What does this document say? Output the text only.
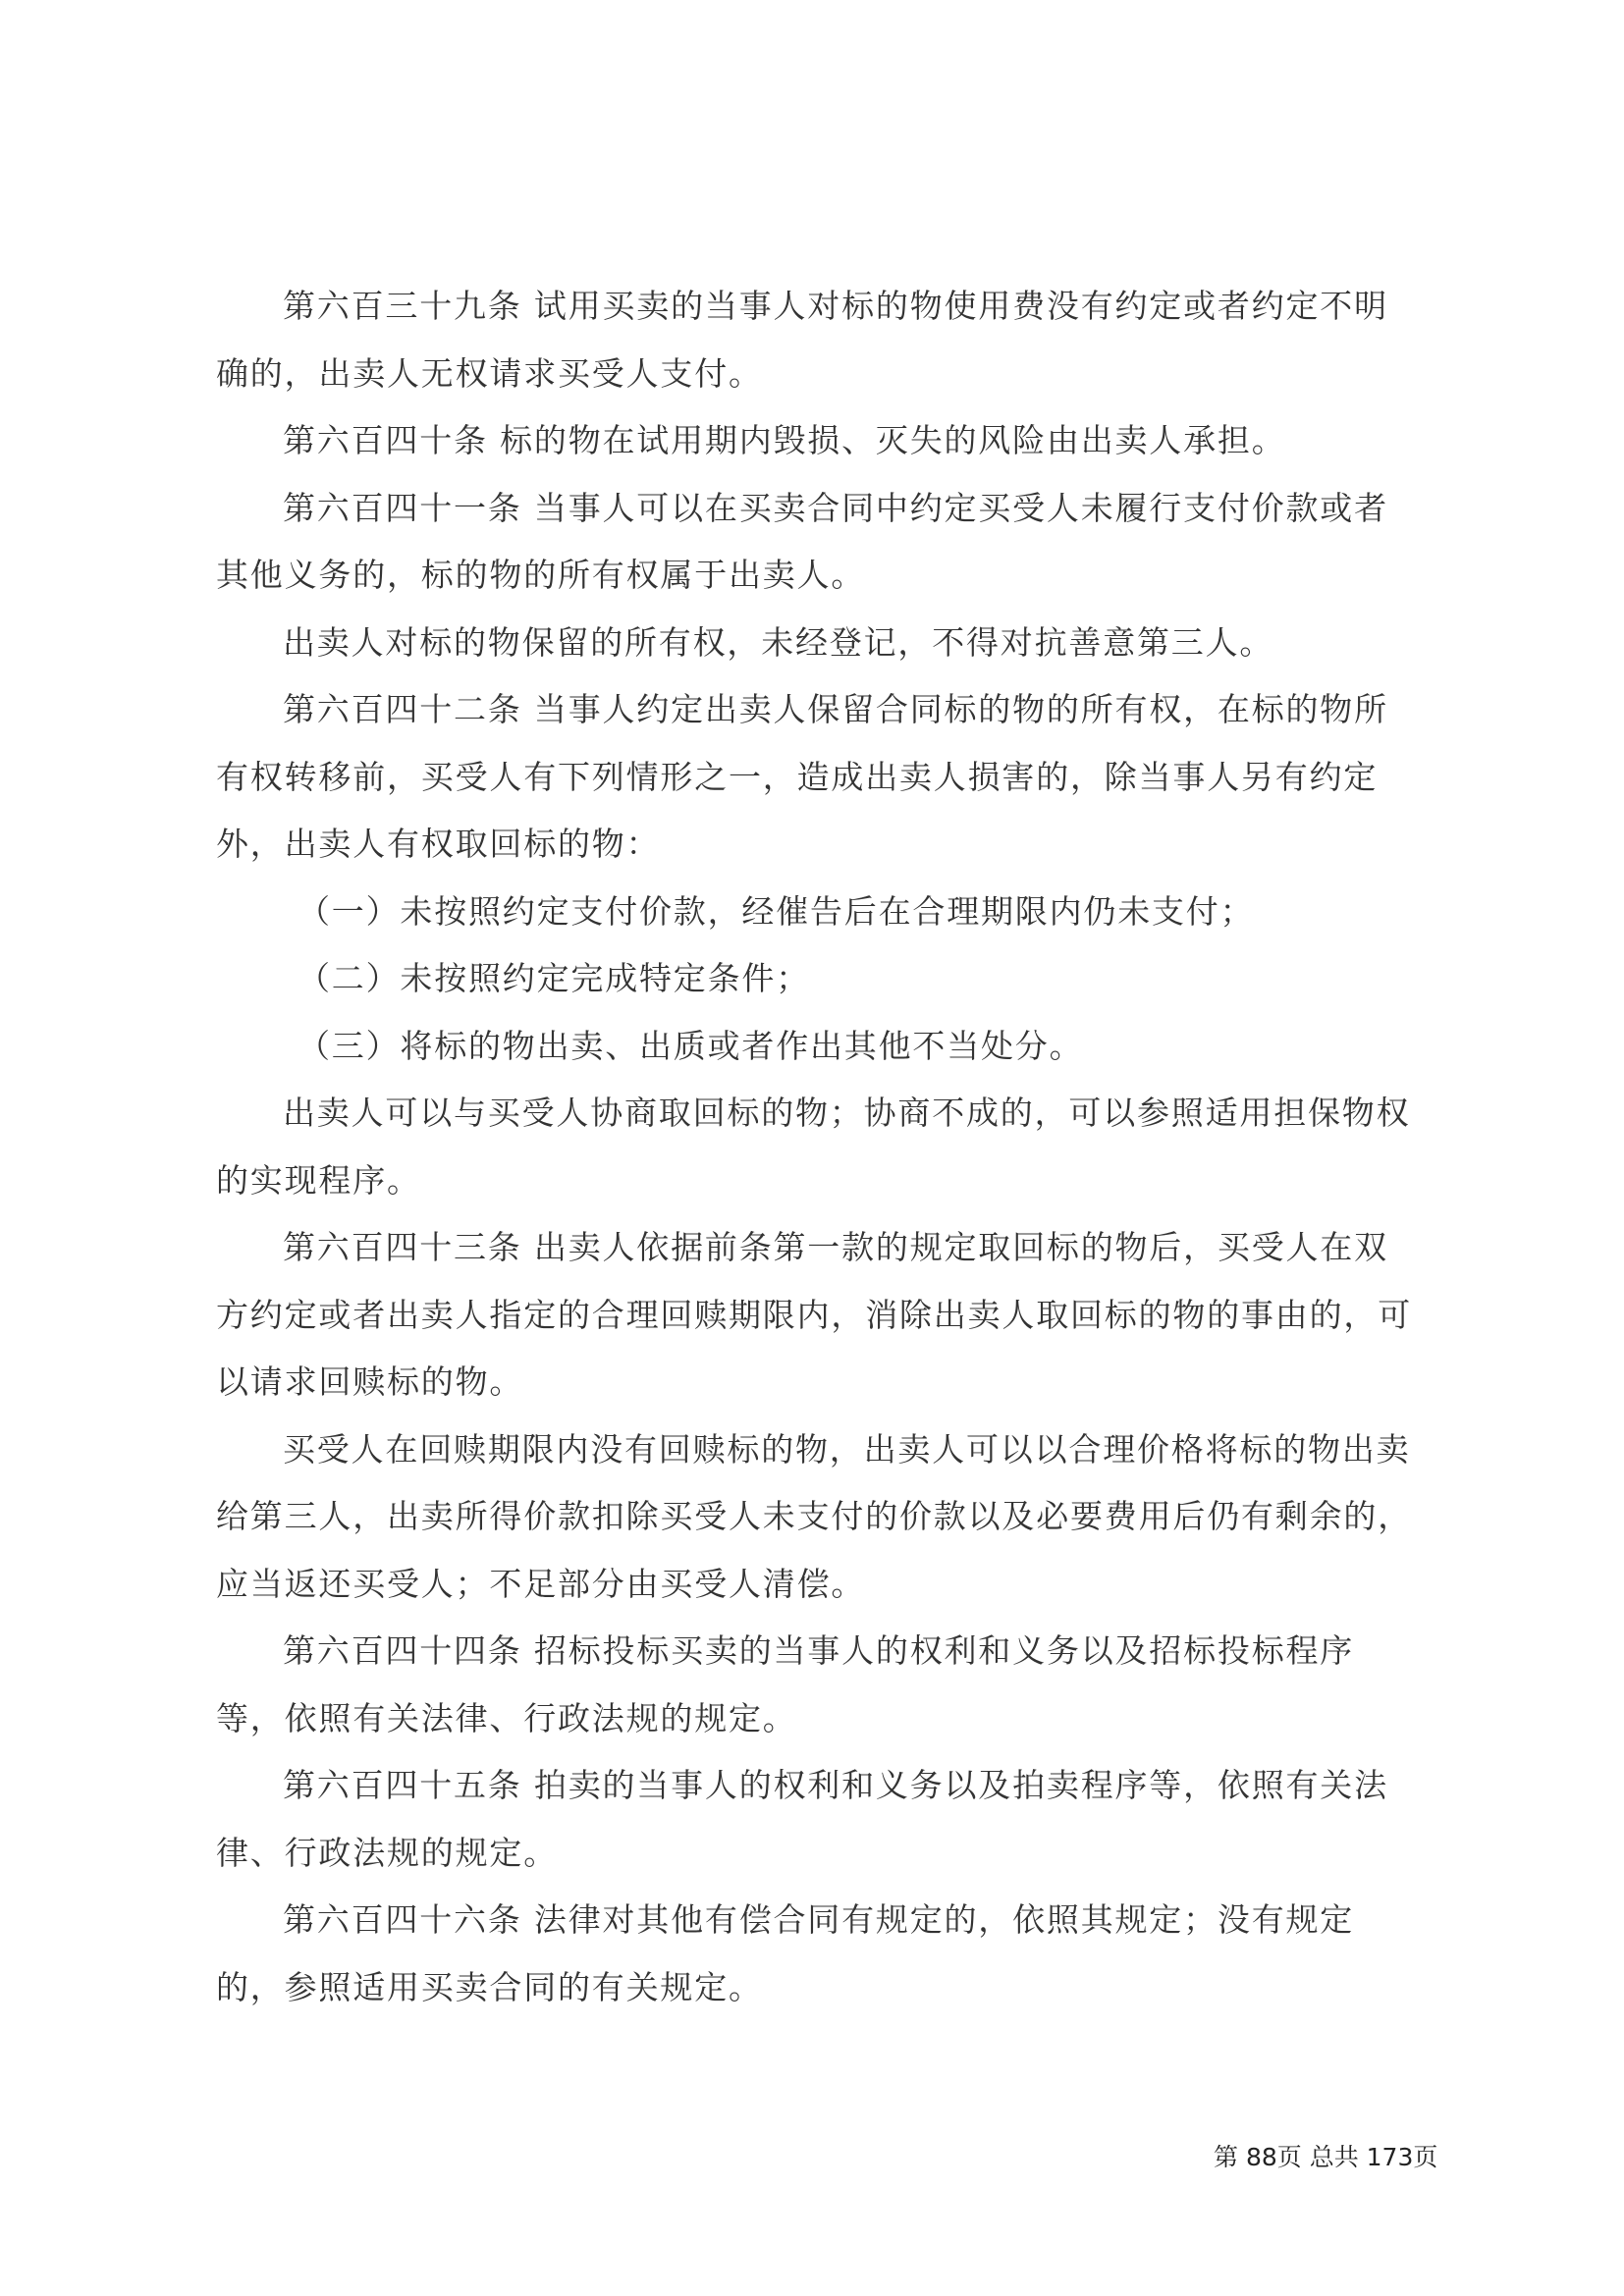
第六百三十九条 试用买卖的当事人对标的物使用费没有约定或者约定不明确的，出卖人无权请求买受人支付。

第六百四十条 标的物在试用期内毁损、灭失的风险由出卖人承担。

第六百四十一条 当事人可以在买卖合同中约定买受人未履行支付价款或者其他义务的，标的物的所有权属于出卖人。

出卖人对标的物保留的所有权，未经登记，不得对抗善意第三人。

第六百四十二条 当事人约定出卖人保留合同标的物的所有权，在标的物所有权转移前，买受人有下列情形之一，造成出卖人损害的，除当事人另有约定外，出卖人有权取回标的物：

（一）未按照约定支付价款，经催告后在合理期限内仍未支付；

（二）未按照约定完成特定条件；

（三）将标的物出卖、出质或者作出其他不当处分。

出卖人可以与买受人协商取回标的物；协商不成的，可以参照适用担保物权的实现程序。

第六百四十三条 出卖人依据前条第一款的规定取回标的物后，买受人在双方约定或者出卖人指定的合理回赎期限内，消除出卖人取回标的物的事由的，可以请求回赎标的物。

买受人在回赎期限内没有回赎标的物，出卖人可以以合理价格将标的物出卖给第三人，出卖所得价款扣除买受人未支付的价款以及必要费用后仍有剩余的，应当返还买受人；不足部分由买受人清偿。

第六百四十四条 招标投标买卖的当事人的权利和义务以及招标投标程序等，依照有关法律、行政法规的规定。

第六百四十五条 拍卖的当事人的权利和义务以及拍卖程序等，依照有关法律、行政法规的规定。

第六百四十六条 法律对其他有偿合同有规定的，依照其规定；没有规定的，参照适用买卖合同的有关规定。

第 88页 总共 173页
